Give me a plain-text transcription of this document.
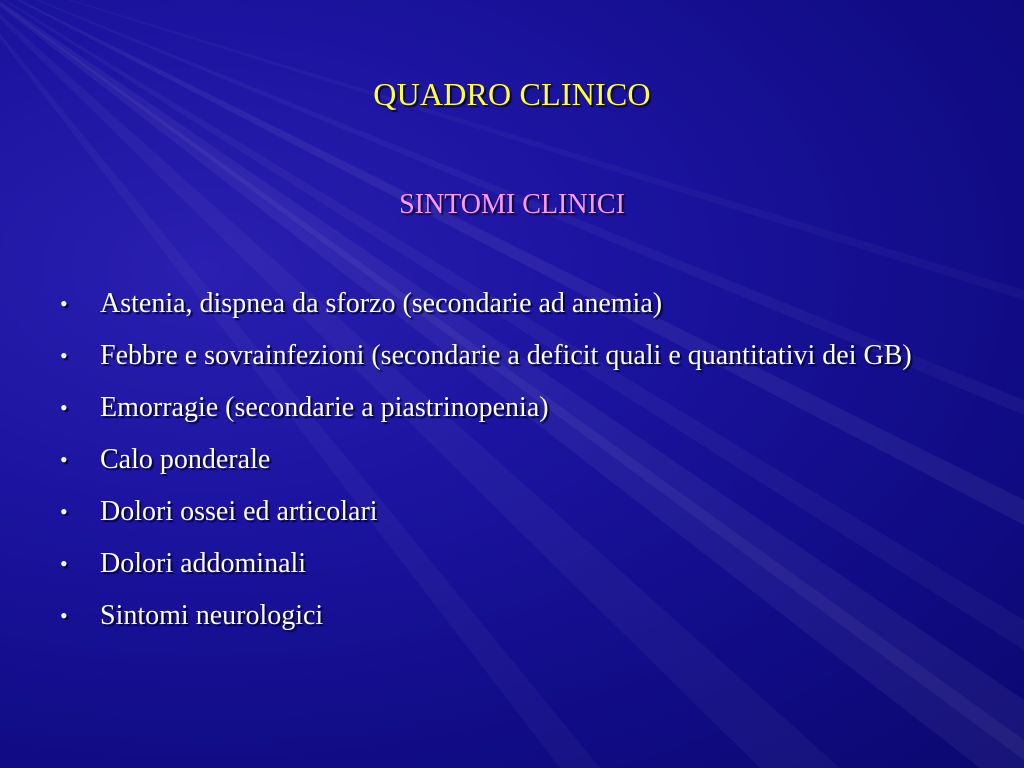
QUADRO CLINICO
SINTOMI CLINICI
• Astenia, dispnea da sforzo (secondarie ad anemia)
• Febbre e sovrainfezioni (secondarie a deficit quali e quantitativi dei GB)
• Emorragie (secondarie a piastrinopenia)
• Calo ponderale
• Dolori ossei ed articolari
• Dolori addominali
• Sintomi neurologici
